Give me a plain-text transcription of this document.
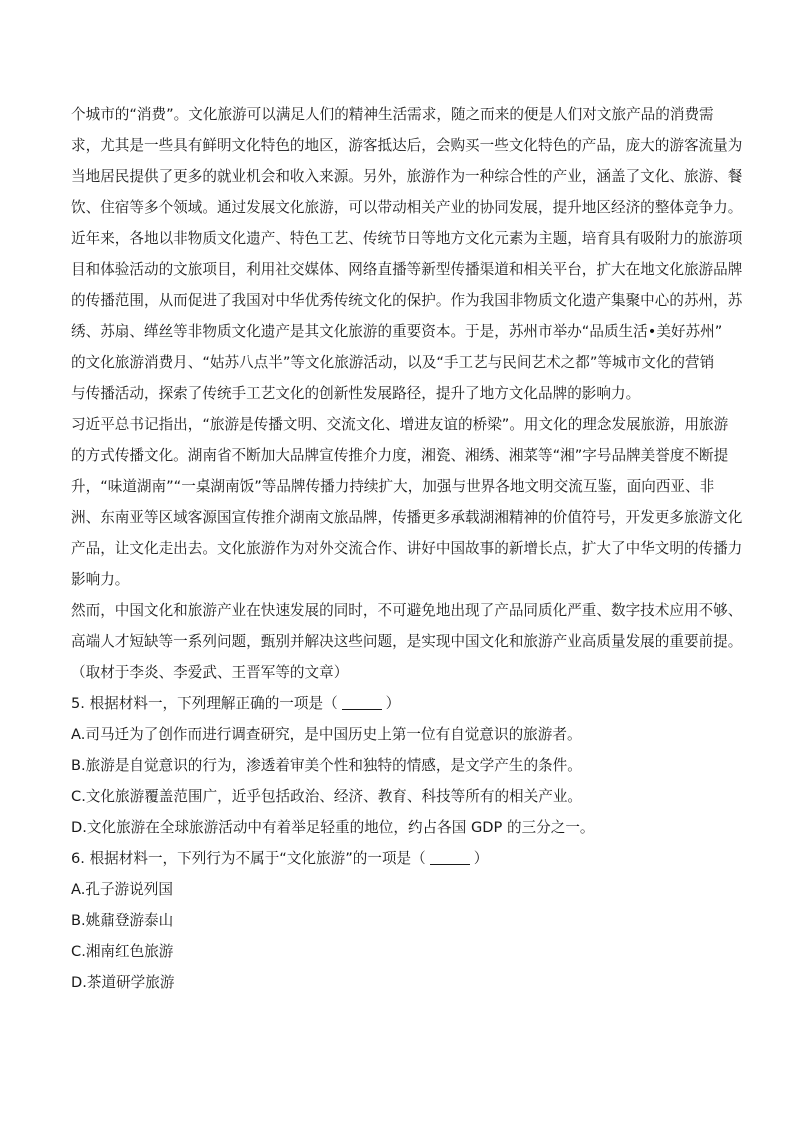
个城市的“消费”。文化旅游可以满足人们的精神生活需求，随之而来的便是人们对文旅产品的消费需
求，尤其是一些具有鲜明文化特色的地区，游客抵达后，会购买一些文化特色的产品，庞大的游客流量为
当地居民提供了更多的就业机会和收入来源。另外，旅游作为一种综合性的产业，涵盖了文化、旅游、餐
饮、住宿等多个领域。通过发展文化旅游，可以带动相关产业的协同发展，提升地区经济的整体竞争力。
近年来，各地以非物质文化遗产、特色工艺、传统节日等地方文化元素为主题，培育具有吸附力的旅游项
目和体验活动的文旅项目，利用社交媒体、网络直播等新型传播渠道和相关平台，扩大在地文化旅游品牌
的传播范围，从而促进了我国对中华优秀传统文化的保护。作为我国非物质文化遗产集聚中心的苏州，苏
绣、苏扇、缂丝等非物质文化遗产是其文化旅游的重要资本。于是，苏州市举办“品质生活•美好苏州”
的文化旅游消费月、“姑苏八点半”等文化旅游活动，以及“手工艺与民间艺术之都”等城市文化的营销
与传播活动，探索了传统手工艺文化的创新性发展路径，提升了地方文化品牌的影响力。
习近平总书记指出，“旅游是传播文明、交流文化、增进友谊的桥梁”。用文化的理念发展旅游，用旅游
的方式传播文化。湖南省不断加大品牌宣传推介力度，湘瓷、湘绣、湘菜等“湘”字号品牌美誉度不断提
升，“味道湖南”“一桌湖南饭”等品牌传播力持续扩大，加强与世界各地文明交流互鉴，面向西亚、非
洲、东南亚等区域客源国宣传推介湖南文旅品牌，传播更多承载湖湘精神的价值符号，开发更多旅游文化
产品，让文化走出去。文化旅游作为对外交流合作、讲好中国故事的新增长点，扩大了中华文明的传播力
影响力。
然而，中国文化和旅游产业在快速发展的同时，不可避免地出现了产品同质化严重、数字技术应用不够、
高端人才短缺等一系列问题，甄别并解决这些问题，是实现中国文化和旅游产业高质量发展的重要前提。
（取材于李炎、李爱武、王晋军等的文章）
5. 根据材料一，下列理解正确的一项是（	）
A.司马迁为了创作而进行调查研究，是中国历史上第一位有自觉意识的旅游者。
B.旅游是自觉意识的行为，渗透着审美个性和独特的情感，是文学产生的条件。
C.文化旅游覆盖范围广，近乎包括政治、经济、教育、科技等所有的相关产业。
D.文化旅游在全球旅游活动中有着举足轻重的地位，约占各国 GDP 的三分之一。
6. 根据材料一，下列行为不属于“文化旅游”的一项是（	）
A.孔子游说列国
B.姚鼐登游泰山
C.湘南红色旅游
D.茶道研学旅游
